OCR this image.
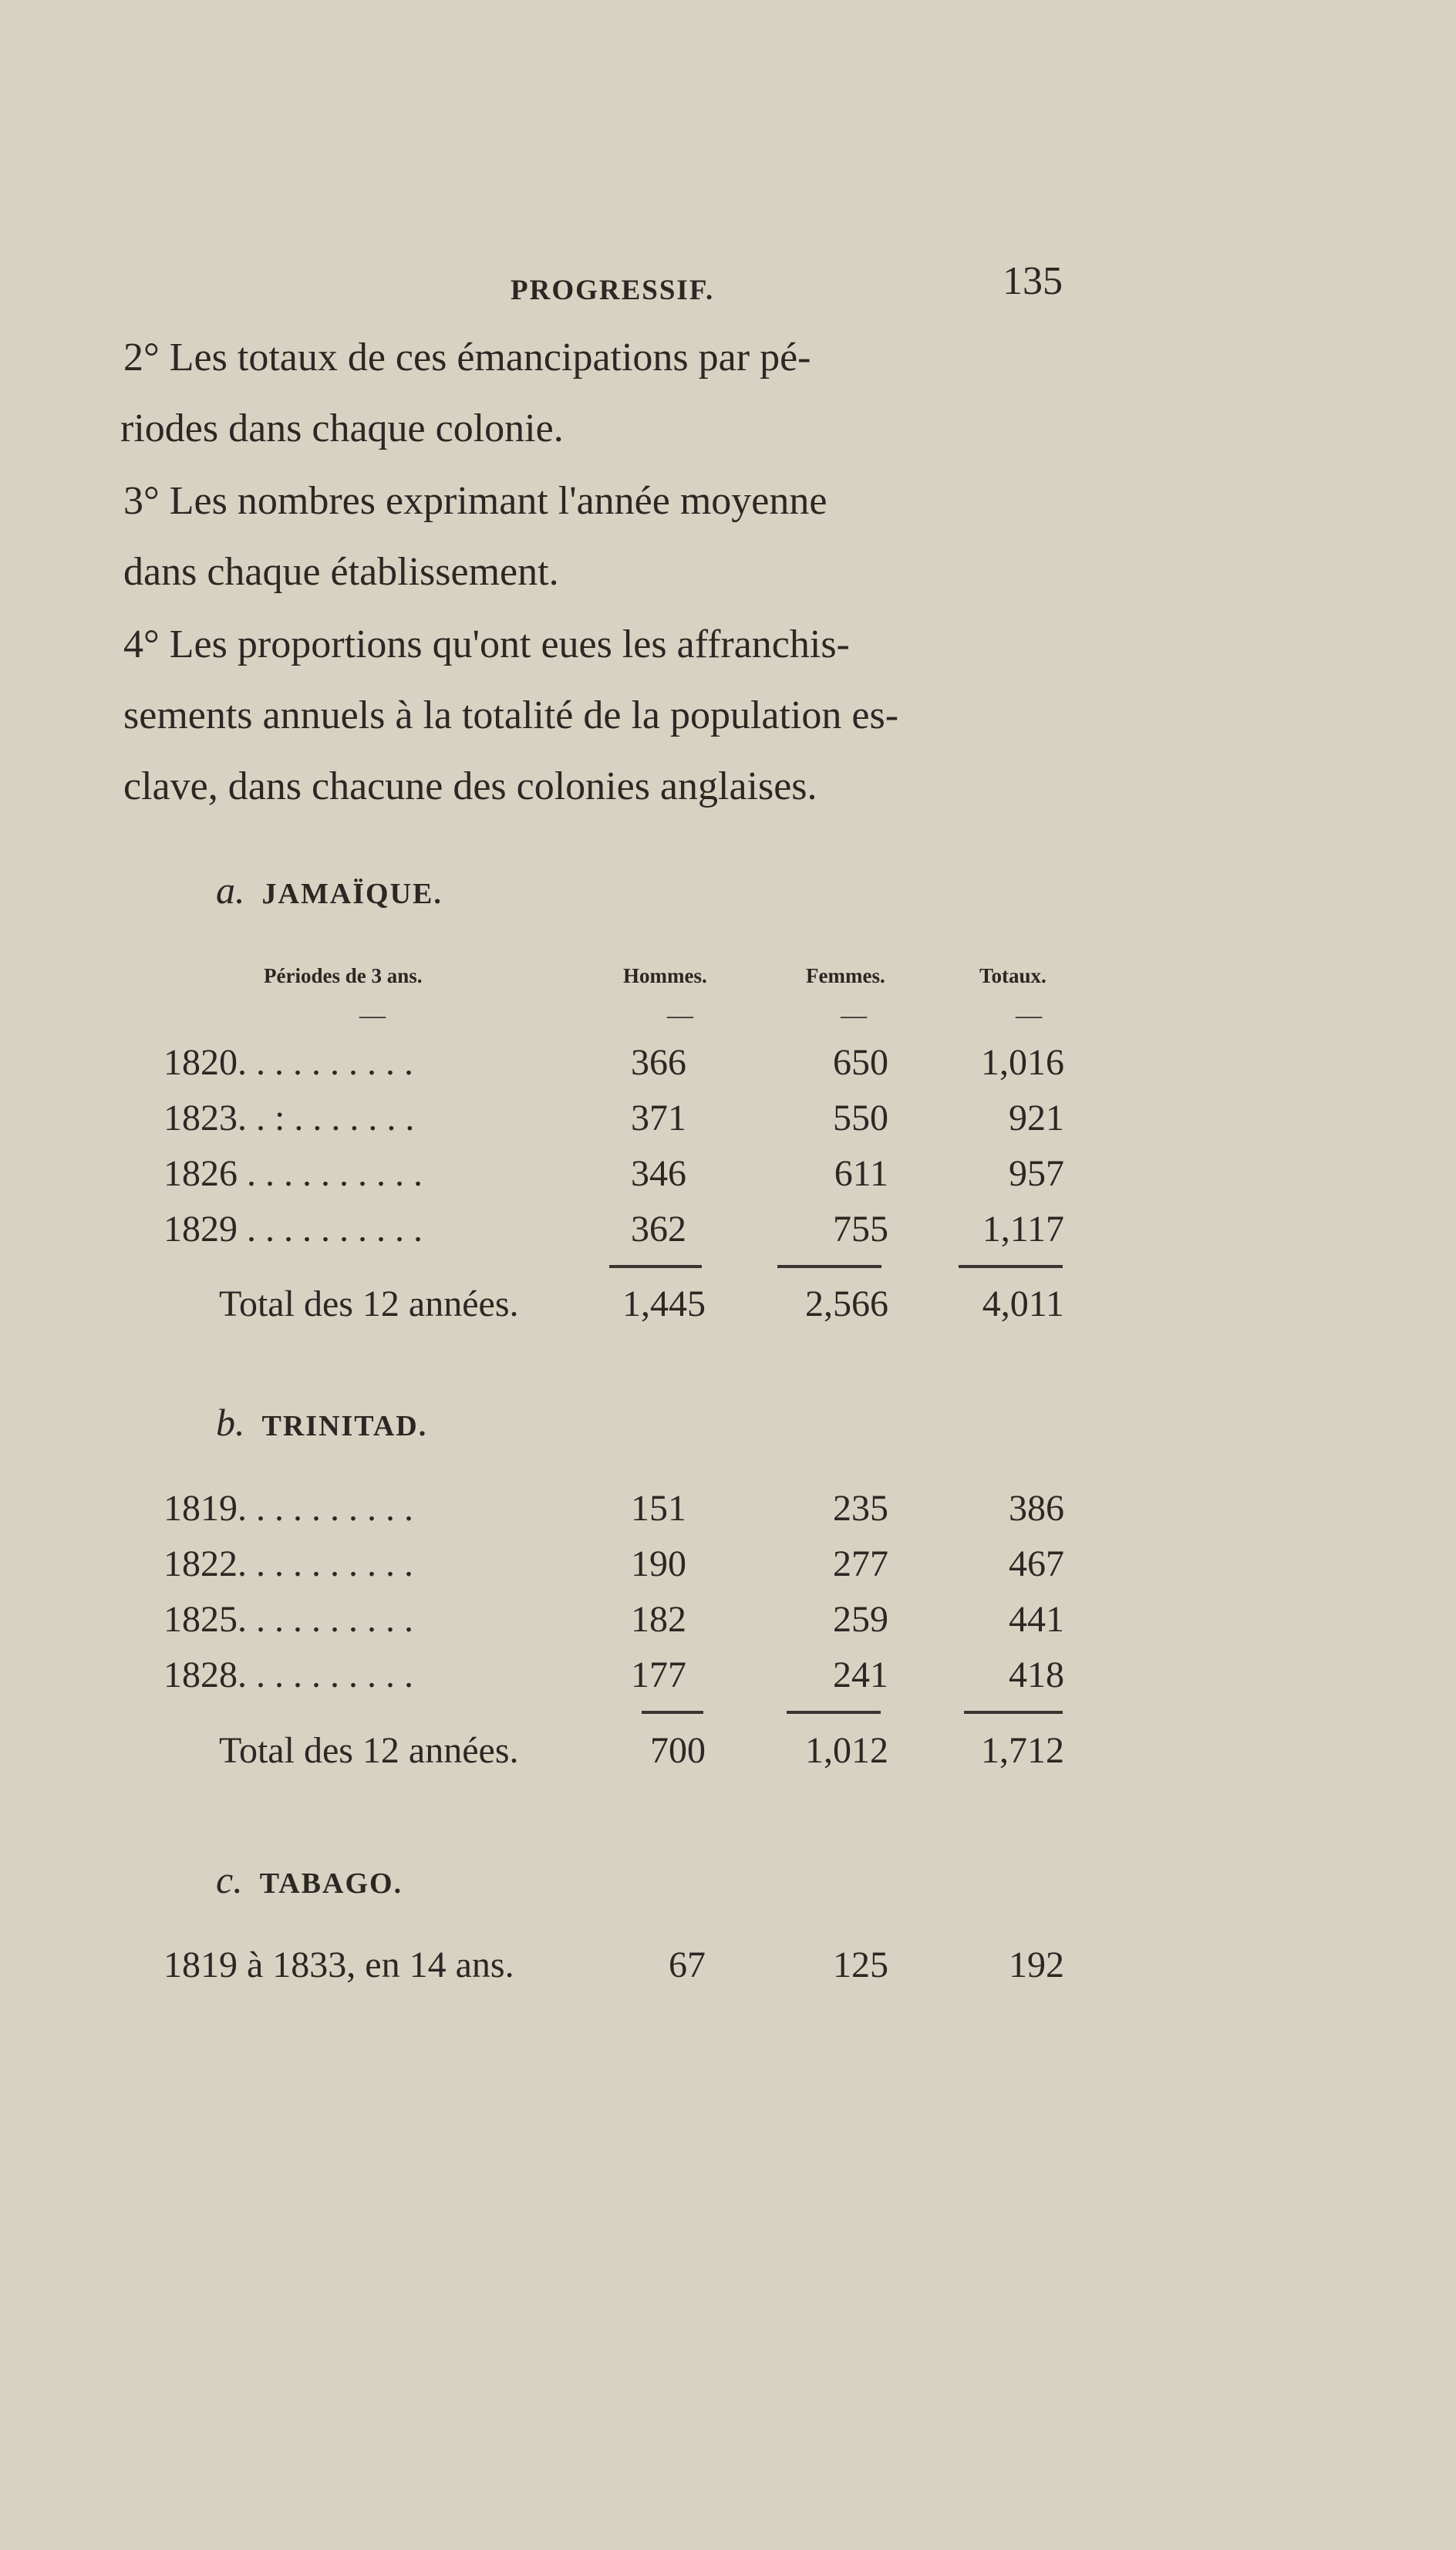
PROGRESSIF.	135
2° Les totaux de ces émancipations par pé-
riodes dans chaque colonie.
3° Les nombres exprimant l'année moyenne
dans chaque établissement.
4° Les proportions qu'ont eues les affranchis-
sements annuels à la totalité de la population es-
clave, dans chacune des colonies anglaises.
a. JAMAÏQUE.
Périodes de 3 ans.	Hommes.	Femmes.	Totaux.
—	—	—	—
1820. . . . . . . . . .	366	650	1,016
1823. . : . . . . . . .	371	550	921
1826 . . . . . . . . . .	346	611	957
1829 . . . . . . . . . .	362	755	1,117
Total des 12 années.	1,445	2,566	4,011
b. TRINITAD.
1819. . . . . . . . . .	151	235	386
1822. . . . . . . . . .	190	277	467
1825. . . . . . . . . .	182	259	441
1828. . . . . . . . . .	177	241	418
Total des 12 années.	700	1,012	1,712
c. TABAGO.
1819 à 1833, en 14 ans.	67	125	192
